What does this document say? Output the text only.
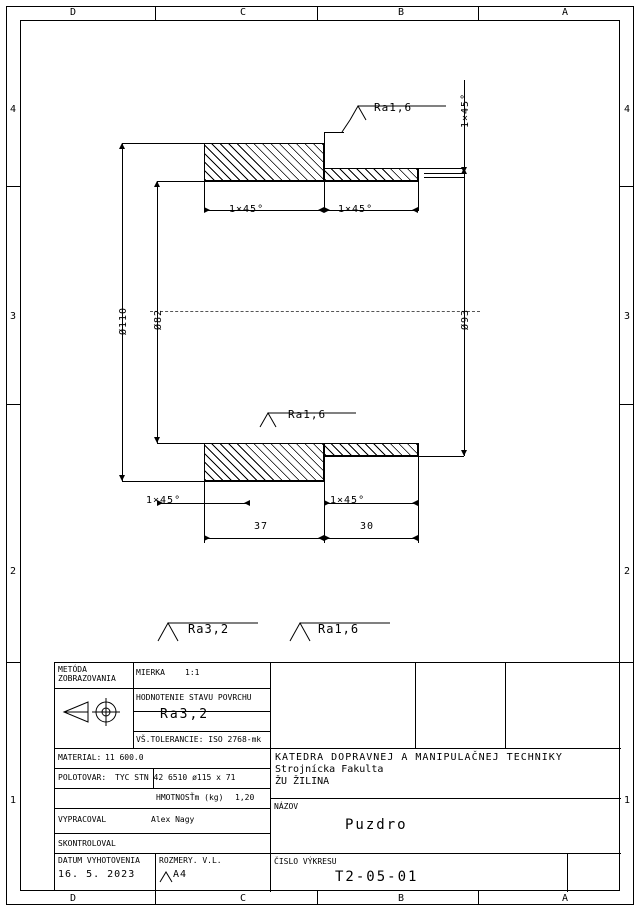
D	C	B	A
D	C	B	A
4
3
2
1
4
3
2
1
Ø110 Ø82	Ø93
1×45°
1×45°	1×45°
1×45°	1×45°
37	30
Ra1,6
Ra1,6
Ra3,2	Ra1,6
METÓDA
ZOBRAZOVANIA
MIERKA	1:1
HODNOTENIE STAVU POVRCHU
Ra3,2
VŠ.TOLERANCIE: ISO 2768-mk
MATERIAL: 11 600.0
POLOTOVAR: TYC STN 42 6510 ø115 x 71
HMOTNOSŤm (kg) 1,20
VYPRACOVAL	Alex Nagy
SKONTROLOVAL
DATUM VYHOTOVENIA
16. 5. 2023
ROZMERY. V.L.
A4
KATEDRA DOPRAVNEJ A MANIPULAČNEJ TECHNIKY
Strojnícka Fakulta
ŽU ŽILINA
NÁZOV
Puzdro
ČISLO VÝKRESU
T2-05-01
